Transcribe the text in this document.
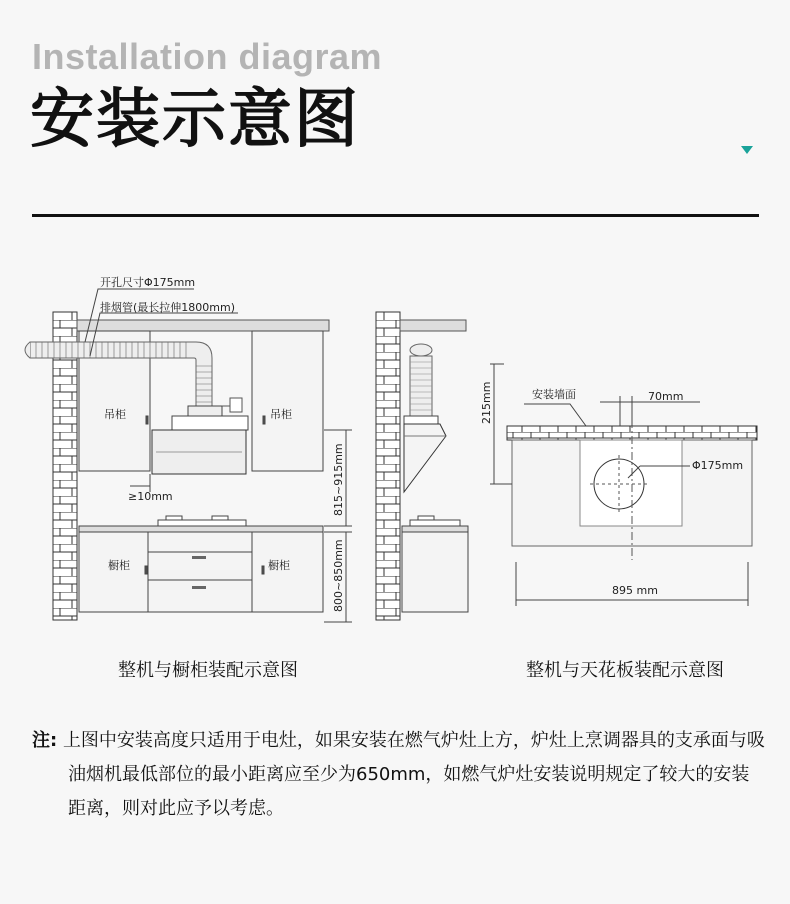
Installation diagram
安装示意图
开孔尺寸Φ175mm
排烟管(最长拉伸1800mm)
吊柜	吊柜
≥10mm
橱柜	橱柜
815~915mm
800~850mm
安装墙面	70mm
215mm
Φ175mm
895 mm
整机与橱柜装配示意图	整机与天花板装配示意图
注: 上图中安装高度只适用于电灶，如果安装在燃气炉灶上方，炉灶上烹调器具的支承面与吸油烟机最低部位的最小距离应至少为650mm，如燃气炉灶安装说明规定了较大的安装距离，则对此应予以考虑。
